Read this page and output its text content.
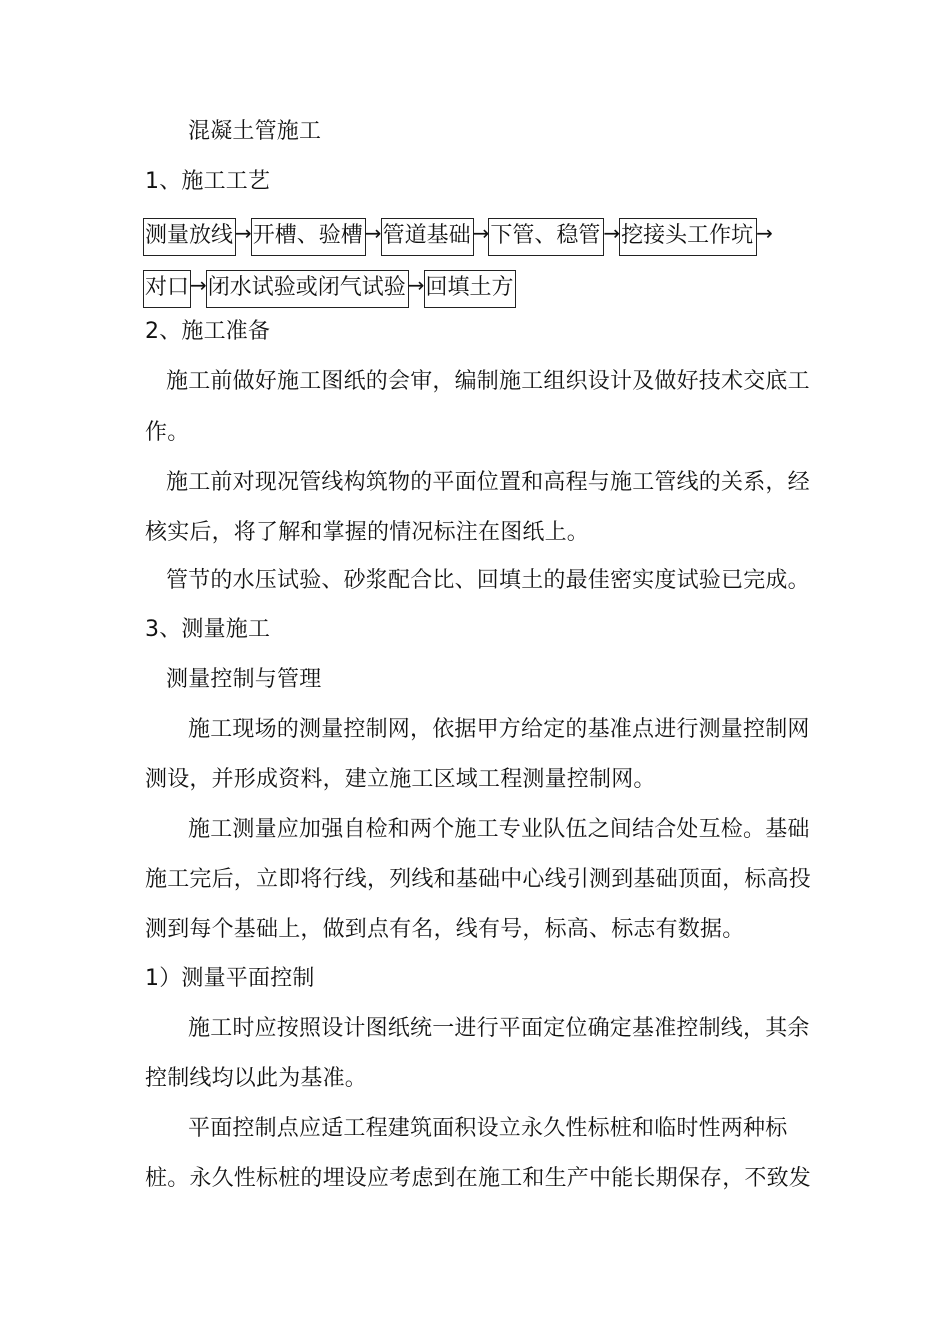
混凝土管施工
1、施工工艺
测量放线 → 开槽、验槽 → 管道基础 → 下管、稳管 → 挖接头工作坑 →
对口 → 闭水试验或闭气试验 → 回填土方
2、施工准备
施工前做好施工图纸的会审，编制施工组织设计及做好技术交底工
作。
施工前对现况管线构筑物的平面位置和高程与施工管线的关系，经
核实后，将了解和掌握的情况标注在图纸上。
管节的水压试验、砂浆配合比、回填土的最佳密实度试验已完成。
3、测量施工
测量控制与管理
施工现场的测量控制网，依据甲方给定的基准点进行测量控制网
测设，并形成资料，建立施工区域工程测量控制网。
施工测量应加强自检和两个施工专业队伍之间结合处互检。基础
施工完后，立即将行线，列线和基础中心线引测到基础顶面，标高投
测到每个基础上，做到点有名，线有号，标高、标志有数据。
1）测量平面控制
施工时应按照设计图纸统一进行平面定位确定基准控制线，其余
控制线均以此为基准。
平面控制点应适工程建筑面积设立永久性标桩和临时性两种标
桩。永久性标桩的埋设应考虑到在施工和生产中能长期保存，不致发
